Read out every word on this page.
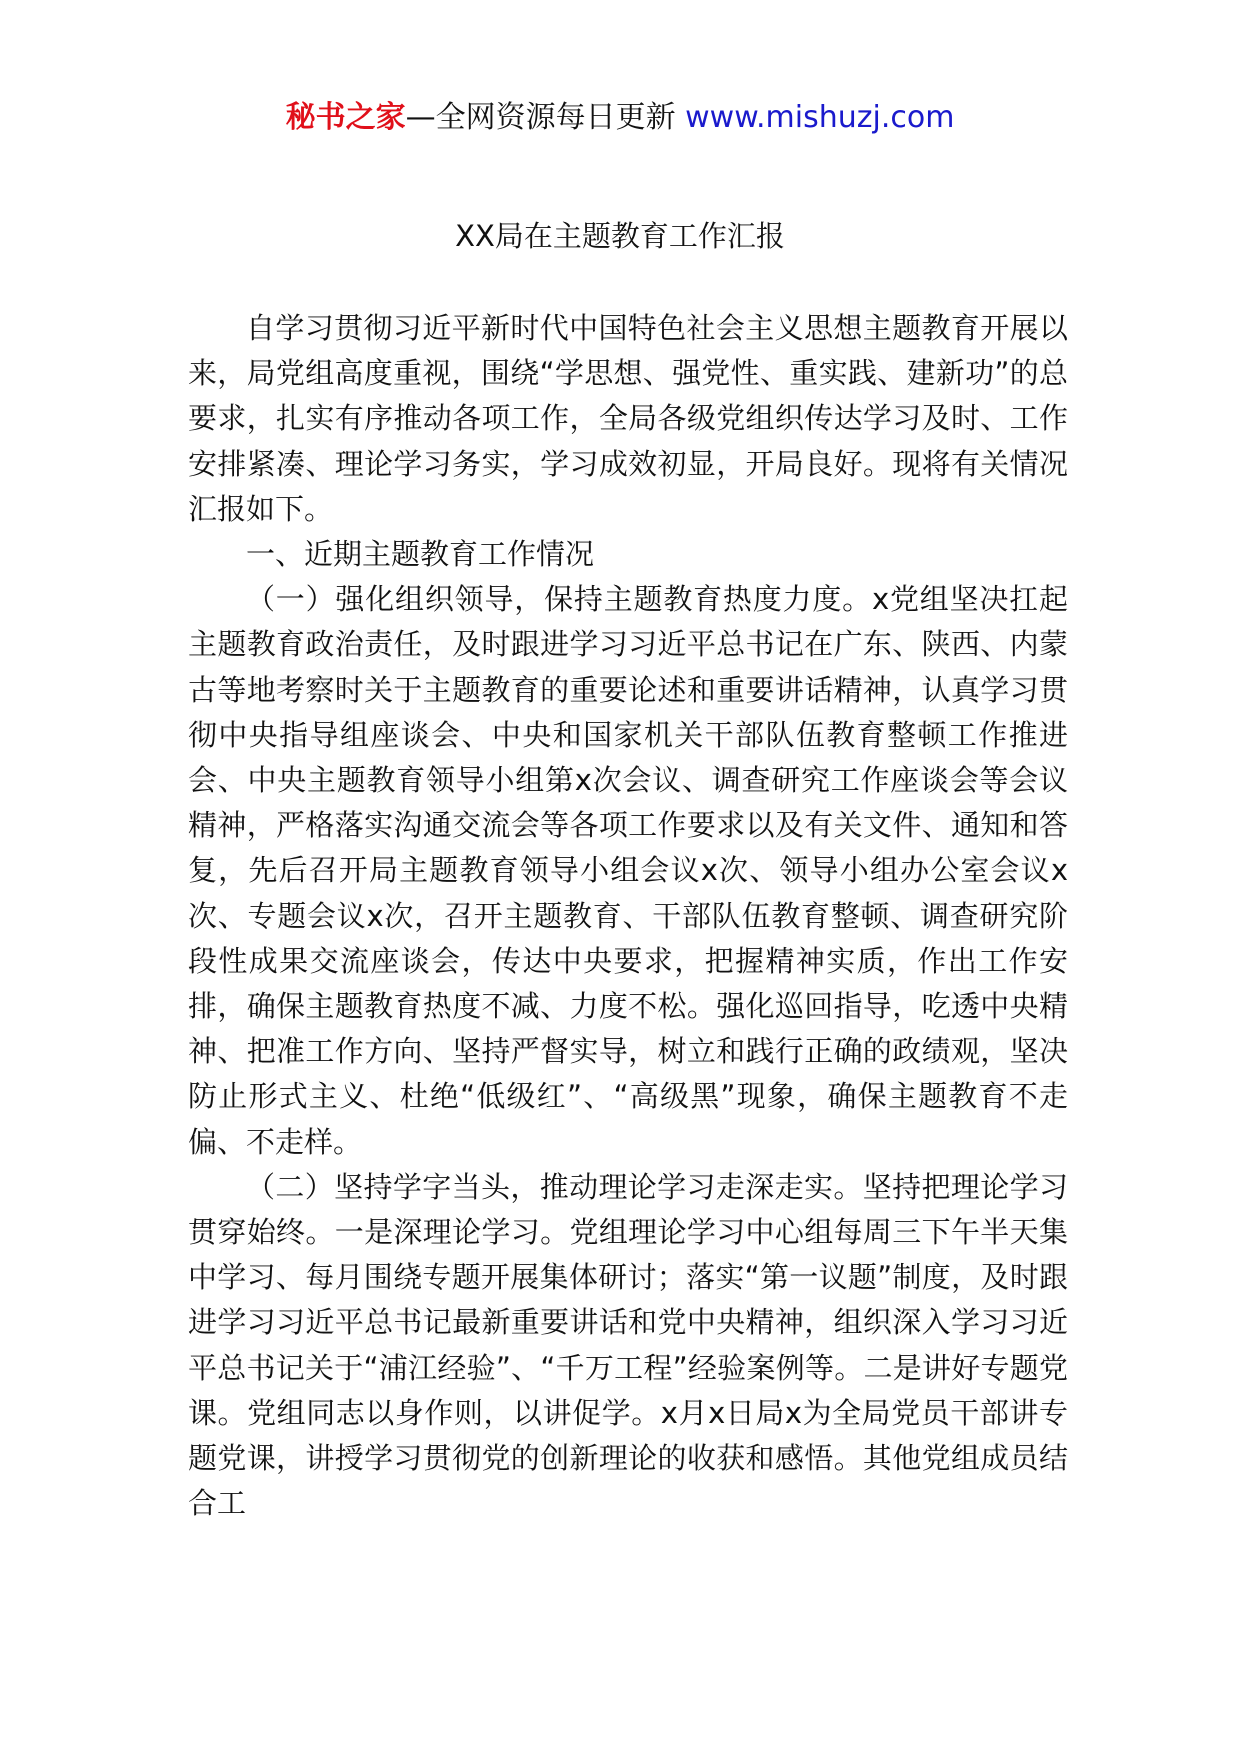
秘书之家—全网资源每日更新 www.mishuzj.com
XX局在主题教育工作汇报

自学习贯彻习近平新时代中国特色社会主义思想主题教育开展以来，局党组高度重视，围绕“学思想、强党性、重实践、建新功”的总要求，扎实有序推动各项工作，全局各级党组织传达学习及时、工作安排紧凑、理论学习务实，学习成效初显，开局良好。现将有关情况汇报如下。

一、近期主题教育工作情况

（一）强化组织领导，保持主题教育热度力度。x党组坚决扛起主题教育政治责任，及时跟进学习习近平总书记在广东、陕西、内蒙古等地考察时关于主题教育的重要论述和重要讲话精神，认真学习贯彻中央指导组座谈会、中央和国家机关干部队伍教育整顿工作推进会、中央主题教育领导小组第x次会议、调查研究工作座谈会等会议精神，严格落实沟通交流会等各项工作要求以及有关文件、通知和答复，先后召开局主题教育领导小组会议x次、领导小组办公室会议x次、专题会议x次，召开主题教育、干部队伍教育整顿、调查研究阶段性成果交流座谈会，传达中央要求，把握精神实质，作出工作安排，确保主题教育热度不减、力度不松。强化巡回指导，吃透中央精神、把准工作方向、坚持严督实导，树立和践行正确的政绩观，坚决防止形式主义、杜绝“低级红”、“高级黑”现象，确保主题教育不走偏、不走样。

（二）坚持学字当头，推动理论学习走深走实。坚持把理论学习贯穿始终。一是深理论学习。党组理论学习中心组每周三下午半天集中学习、每月围绕专题开展集体研讨；落实“第一议题”制度，及时跟进学习习近平总书记最新重要讲话和党中央精神，组织深入学习习近平总书记关于“浦江经验”、“千万工程”经验案例等。二是讲好专题党课。党组同志以身作则，以讲促学。x月x日局x为全局党员干部讲专题党课，讲授学习贯彻党的创新理论的收获和感悟。其他党组成员结合工
